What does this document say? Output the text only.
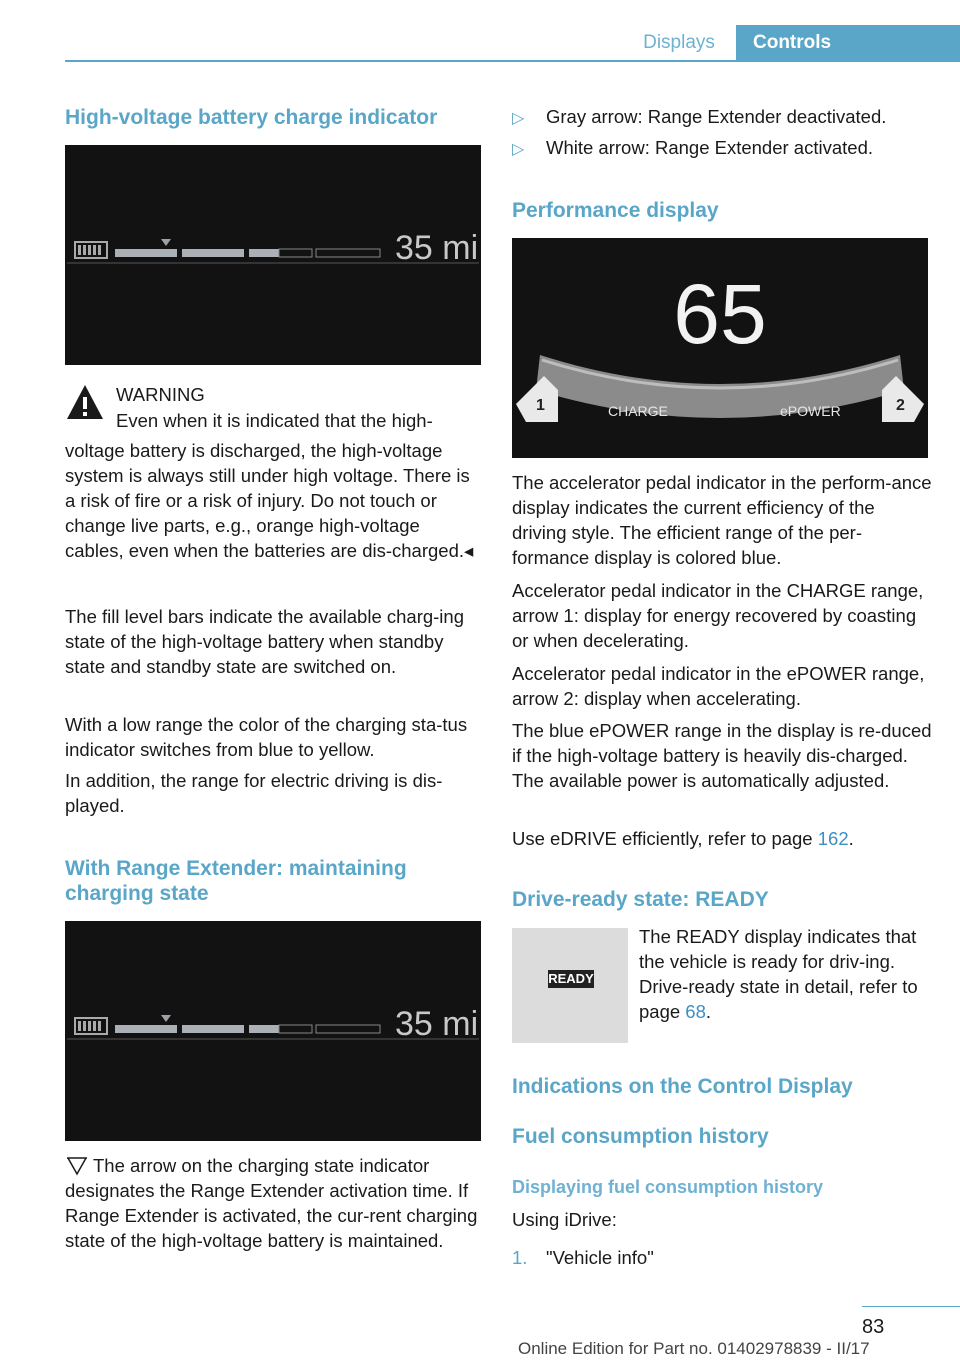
Displays	Controls
High-voltage battery charge indicator
35 mi

WARNING

Even when it is indicated that the high-

voltage battery is discharged, the high-voltage system is always still under high voltage. There is a risk of fire or a risk of injury. Do not touch or change live parts, e.g., orange high-voltage cables, even when the batteries are dis-charged.◂

The fill level bars indicate the available charg-ing state of the high-voltage battery when standby state and standby state are switched on.

With a low range the color of the charging sta-tus indicator switches from blue to yellow.

In addition, the range for electric driving is dis-played.

With Range Extender: maintaining charging state
35 mi

The arrow on the charging state indicator designates the Range Extender activation time. If Range Extender is activated, the cur-rent charging state of the high-voltage battery is maintained.

▷ Gray arrow: Range Extender deactivated.

▷ White arrow: Range Extender activated.

Performance display
65
CHARGE	ePOWER
1	2

The accelerator pedal indicator in the perform-ance display indicates the current efficiency of the driving style. The efficient range of the per-formance display is colored blue.

Accelerator pedal indicator in the CHARGE range, arrow 1: display for energy recovered by coasting or when decelerating.

Accelerator pedal indicator in the ePOWER range, arrow 2: display when accelerating.

The blue ePOWER range in the display is re-duced if the high-voltage battery is heavily dis-charged. The available power is automatically adjusted.

Use eDRIVE efficiently, refer to page 162.

Drive-ready state: READY
READY

The READY display indicates that the vehicle is ready for driv-ing. Drive-ready state in detail, refer to page 68.

Indications on the Control Display
Fuel consumption history
Displaying fuel consumption history

Using iDrive:

1. "Vehicle info"

83
Online Edition for Part no. 01402978839 - II/17
